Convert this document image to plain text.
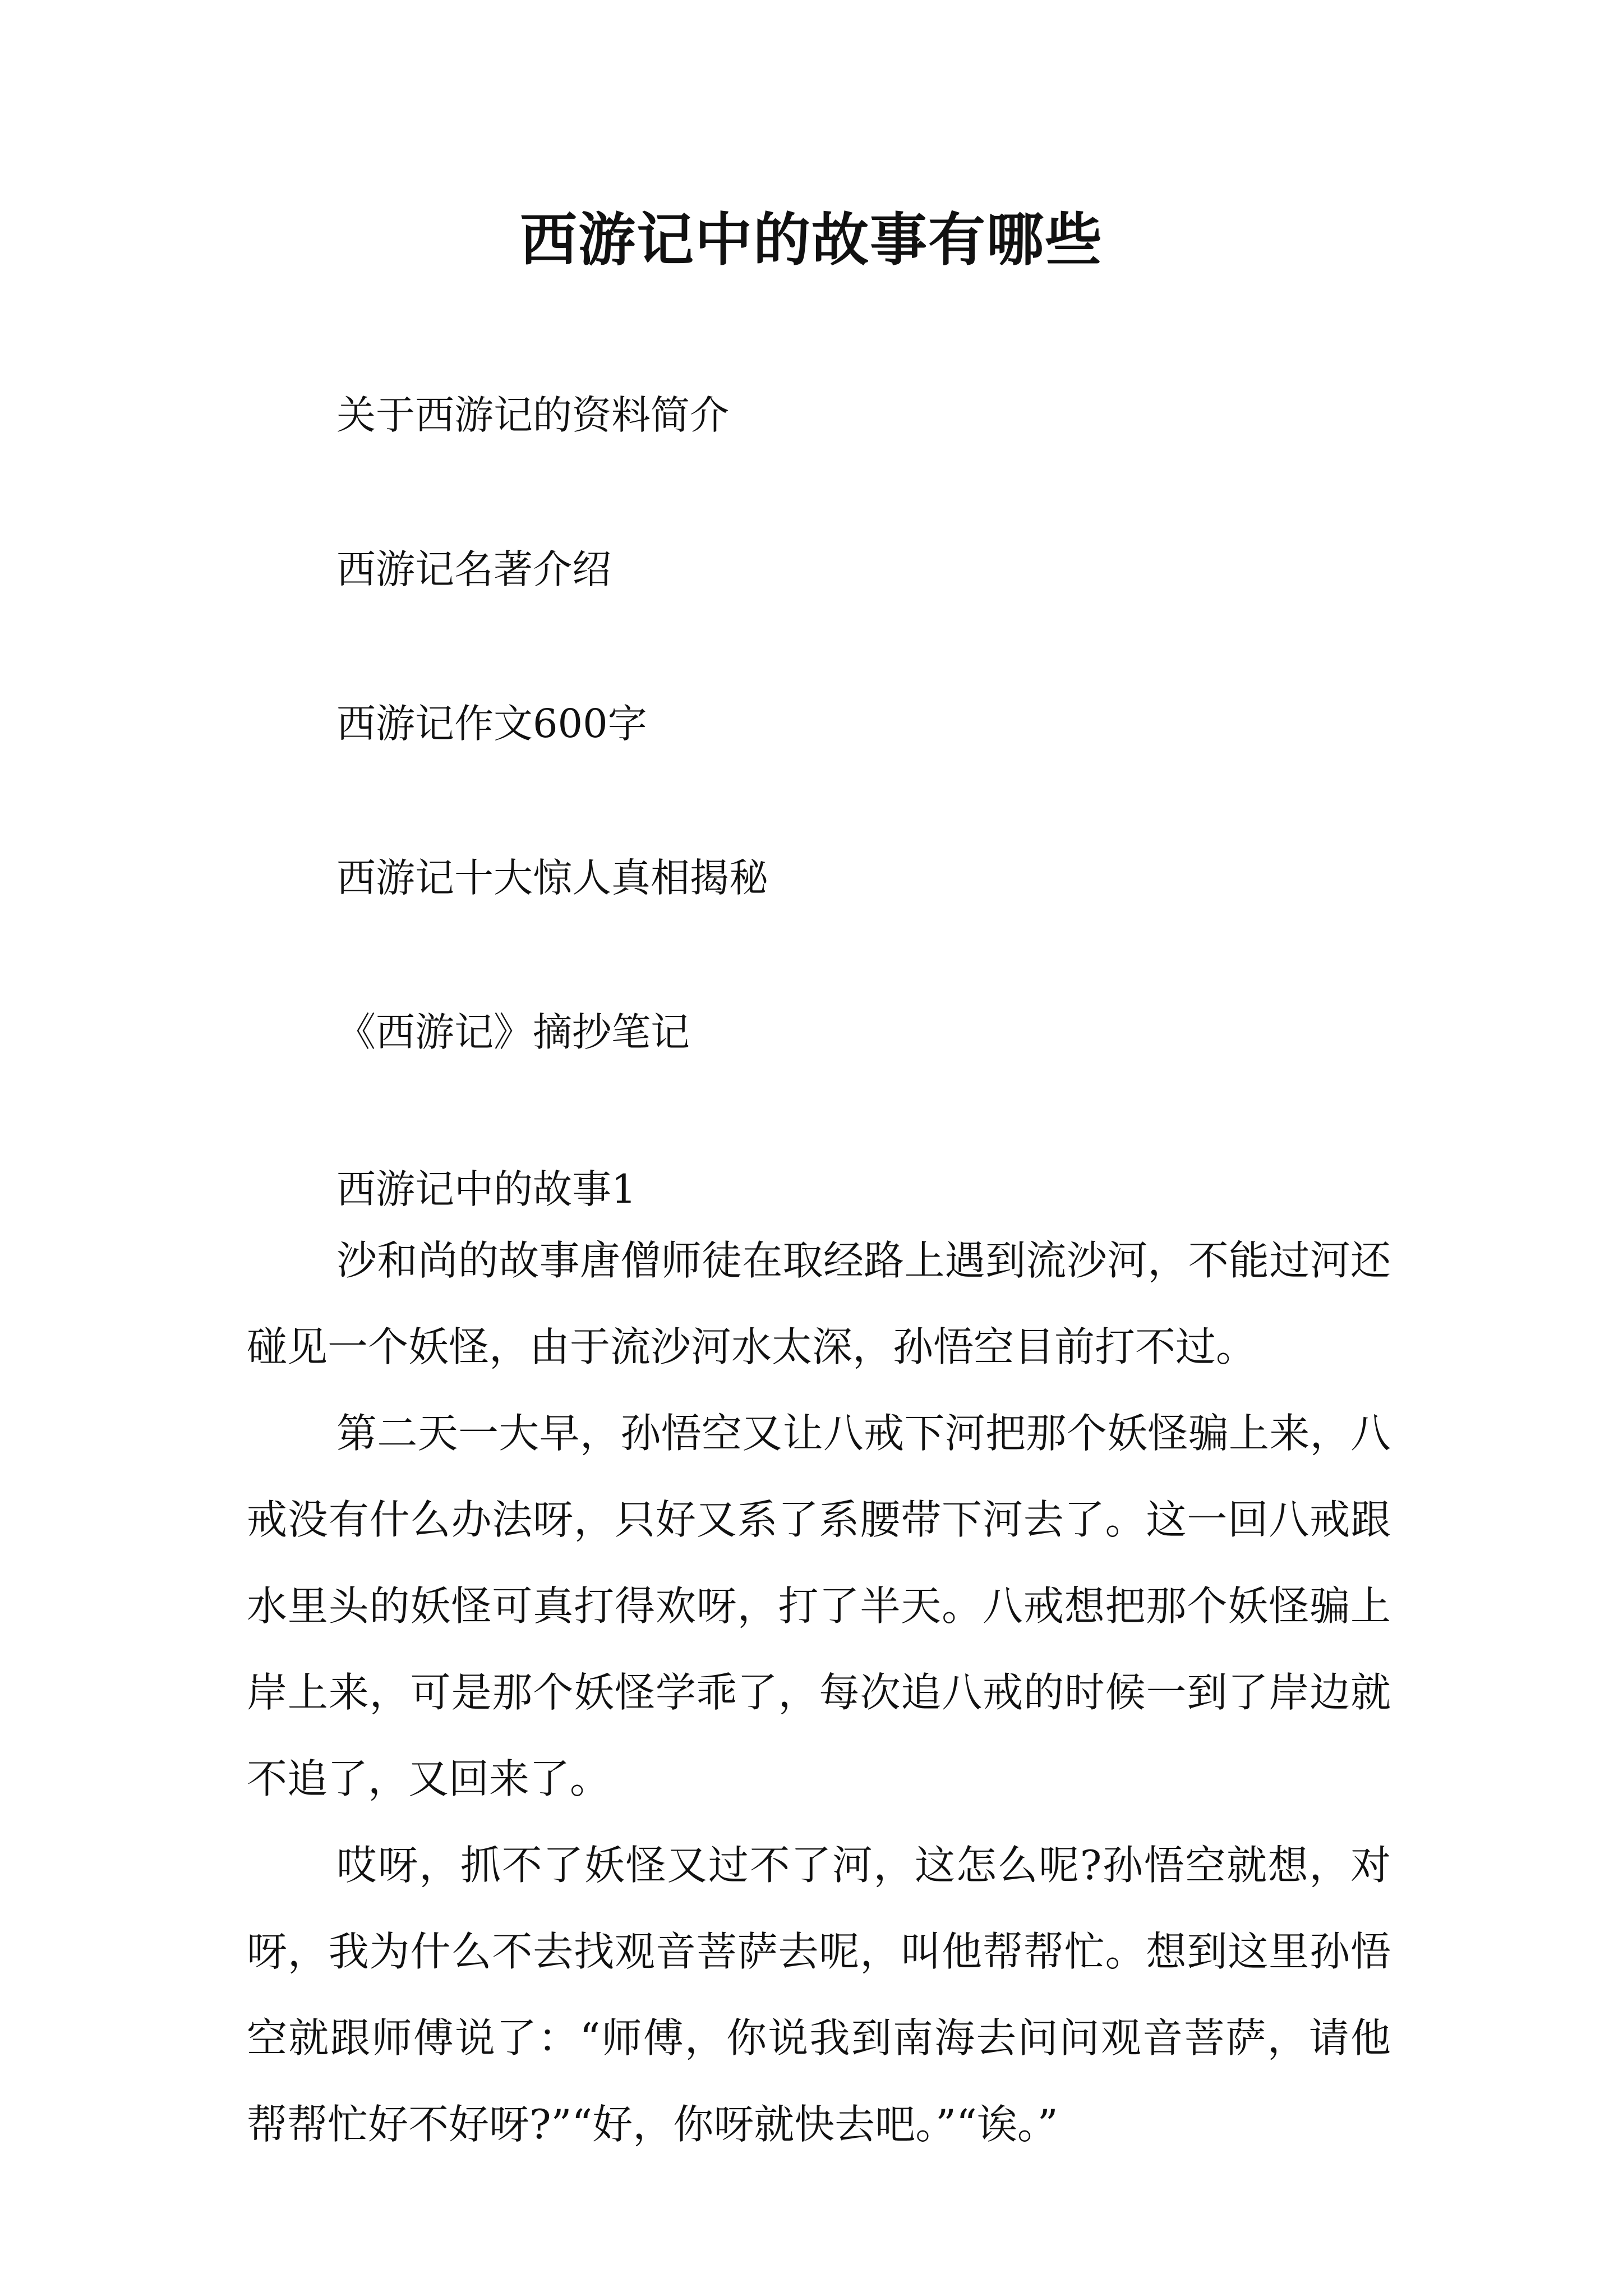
西游记中的故事有哪些
关于西游记的资料简介
西游记名著介绍
西游记作文600字
西游记十大惊人真相揭秘
《西游记》摘抄笔记
西游记中的故事1

沙和尚的故事唐僧师徒在取经路上遇到流沙河，不能过河还碰见一个妖怪，由于流沙河水太深，孙悟空目前打不过。

第二天一大早，孙悟空又让八戒下河把那个妖怪骗上来，八戒没有什么办法呀，只好又系了系腰带下河去了。这一回八戒跟水里头的妖怪可真打得欢呀，打了半天。八戒想把那个妖怪骗上岸上来，可是那个妖怪学乖了，每次追八戒的时候一到了岸边就不追了，又回来了。

哎呀，抓不了妖怪又过不了河，这怎么呢?孙悟空就想，对呀，我为什么不去找观音菩萨去呢，叫他帮帮忙。想到这里孙悟空就跟师傅说了：“师傅，你说我到南海去问问观音菩萨，请他帮帮忙好不好呀?”“好，你呀就快去吧。”“诶。”
